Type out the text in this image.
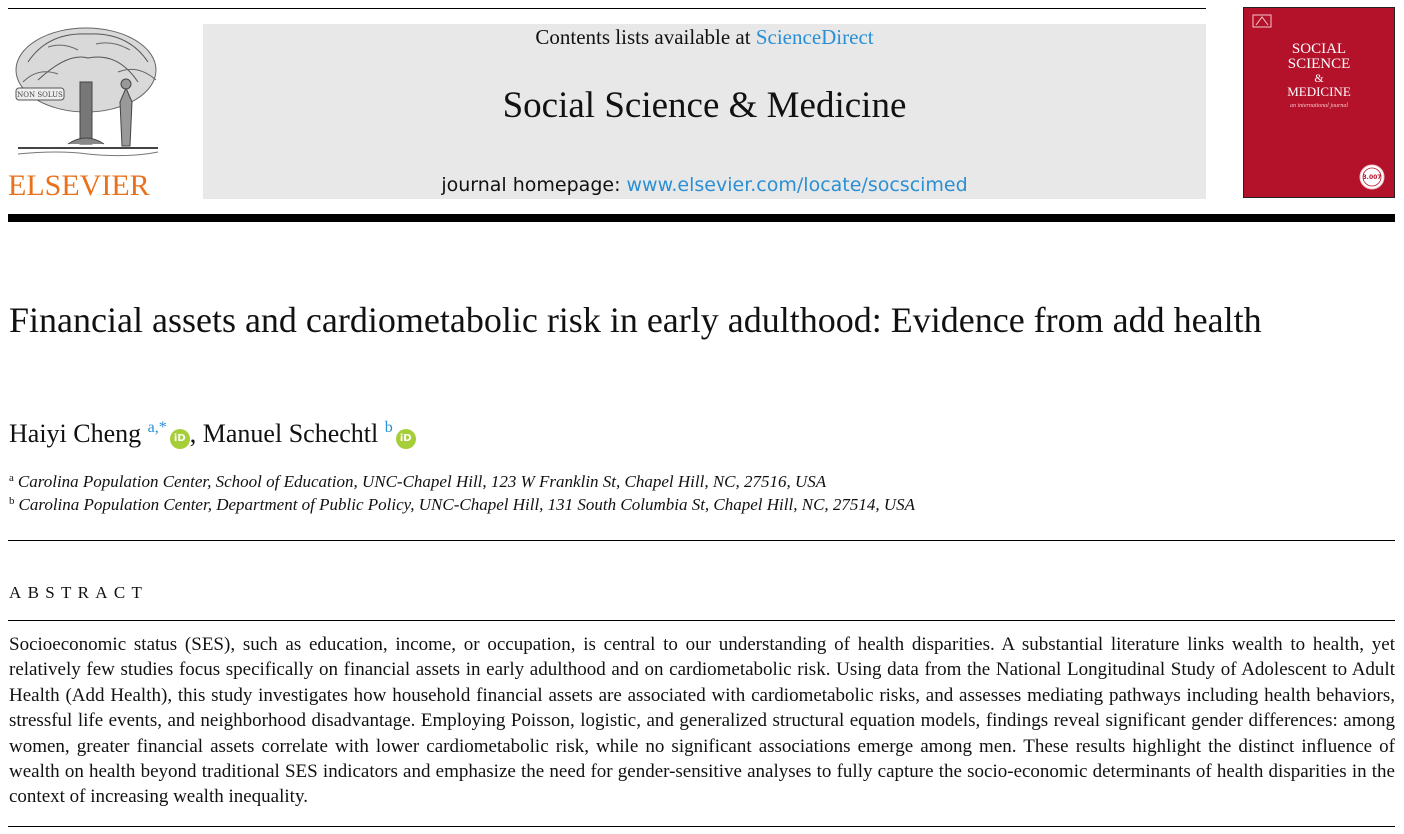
NON SOLUS
ELSEVIER
Contents lists available at ScienceDirect
Social Science & Medicine
journal homepage: www.elsevier.com/locate/socscimed
SOCIAL
SCIENCE
&
MEDICINE
an international journal
3.007
Financial assets and cardiometabolic risk in early adulthood: Evidence from add health
Haiyi Cheng $^{a,*}$iD , Manuel Schechtl $^b$iD
$^a$ Carolina Population Center, School of Education, UNC-Chapel Hill, 123 W Franklin St, Chapel Hill, NC, 27516, USA
$^b$ Carolina Population Center, Department of Public Policy, UNC-Chapel Hill, 131 South Columbia St, Chapel Hill, NC, 27514, USA
ABSTRACT
Socioeconomic status (SES), such as education, income, or occupation, is central to our understanding of health disparities. A substantial literature links wealth to health, yet relatively few studies focus specifically on financial assets in early adulthood and on cardiometabolic risk. Using data from the National Longitudinal Study of Adolescent to Adult Health (Add Health), this study investigates how household financial assets are associated with cardiometabolic risks, and assesses mediating pathways including health behaviors, stressful life events, and neighborhood disadvantage. Employing Poisson, logistic, and generalized structural equation models, findings reveal significant gender differences: among women, greater financial assets correlate with lower cardiometabolic risk, while no significant associations emerge among men. These results highlight the distinct influence of wealth on health beyond traditional SES indicators and emphasize the need for gender-sensitive analyses to fully capture the socio-economic determinants of health disparities in the context of increasing wealth inequality.
